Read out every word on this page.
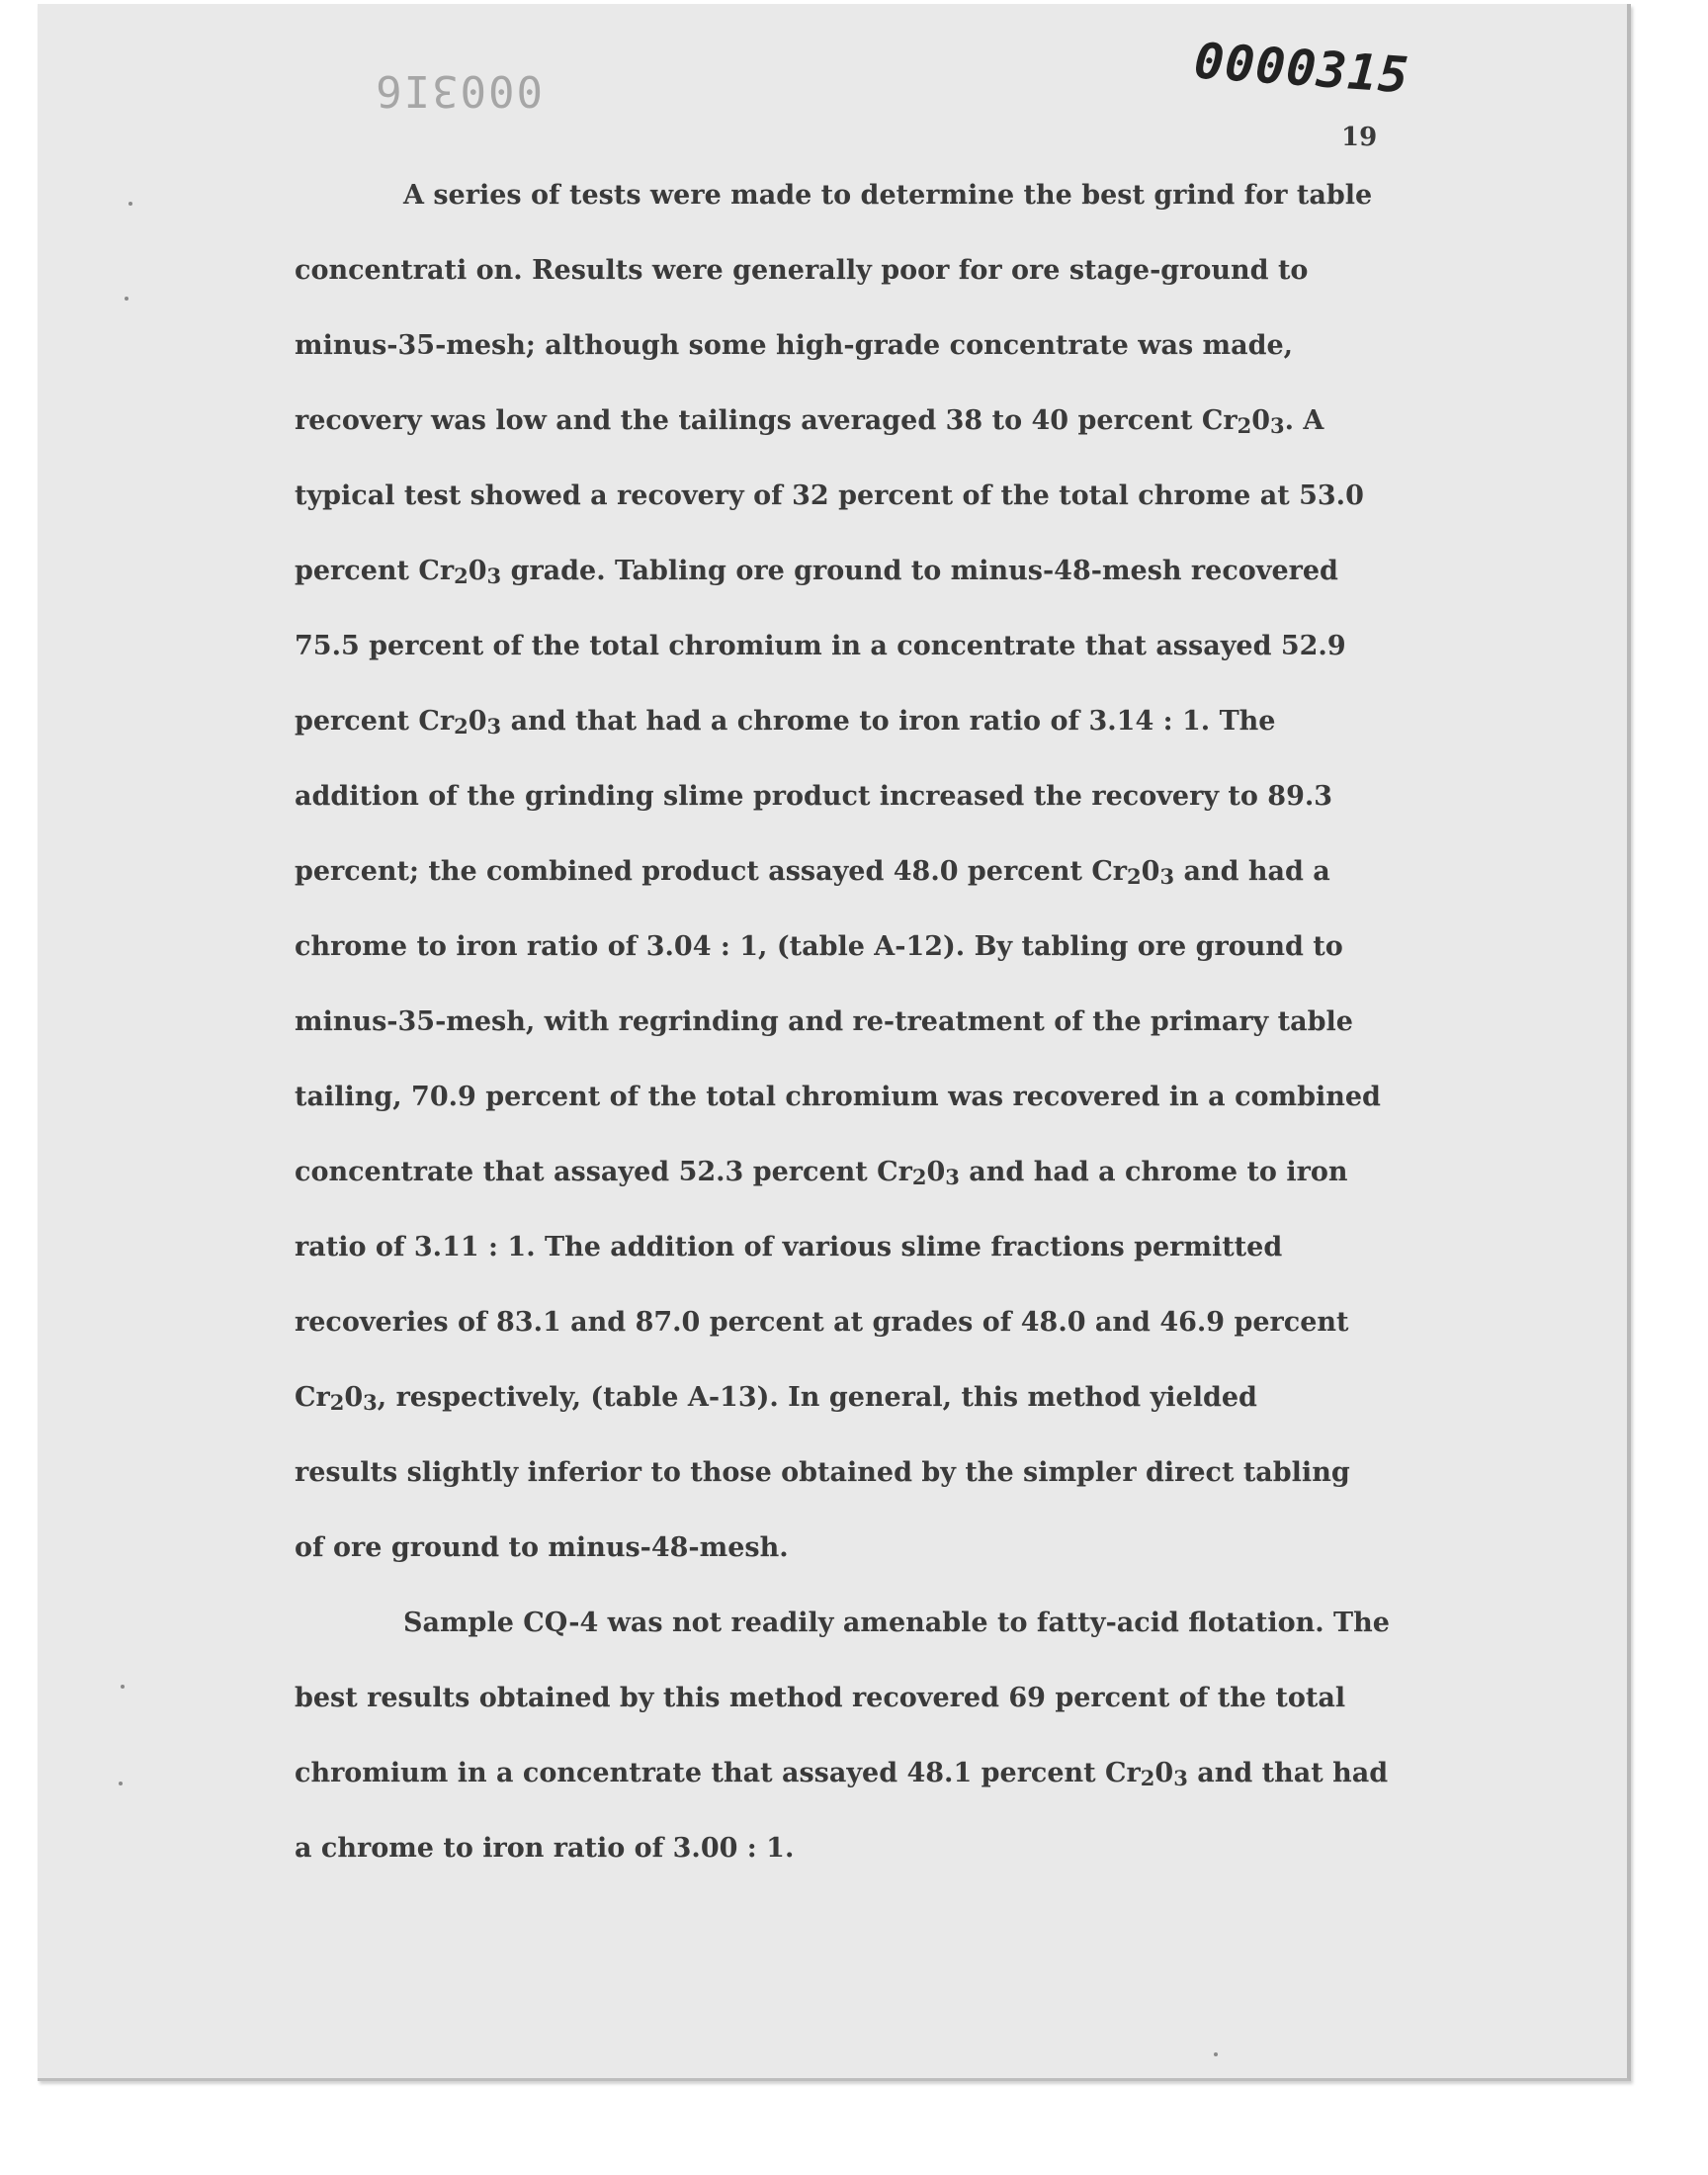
0003I6	0000315
19
A series of tests were made to determine the best grind for table
concentrati on. Results were generally poor for ore stage-ground to
minus-35-mesh; although some high-grade concentrate was made,
recovery was low and the tailings averaged 38 to 40 percent $Cr_20_3$. A
typical test showed a recovery of 32 percent of the total chrome at 53.0
percent $Cr_20_3$ grade. Tabling ore ground to minus-48-mesh recovered
75.5 percent of the total chromium in a concentrate that assayed 52.9
percent $Cr_20_3$ and that had a chrome to iron ratio of 3.14 : 1. The
addition of the grinding slime product increased the recovery to 89.3
percent; the combined product assayed 48.0 percent $Cr_20_3$ and had a
chrome to iron ratio of 3.04 : 1, (table A-12). By tabling ore ground to
minus-35-mesh, with regrinding and re-treatment of the primary table
tailing, 70.9 percent of the total chromium was recovered in a combined
concentrate that assayed 52.3 percent $Cr_20_3$ and had a chrome to iron
ratio of 3.11 : 1. The addition of various slime fractions permitted
recoveries of 83.1 and 87.0 percent at grades of 48.0 and 46.9 percent
$Cr_20_3$, respectively, (table A-13). In general, this method yielded
results slightly inferior to those obtained by the simpler direct tabling
of ore ground to minus-48-mesh.
Sample CQ-4 was not readily amenable to fatty-acid flotation. The
best results obtained by this method recovered 69 percent of the total
chromium in a concentrate that assayed 48.1 percent $Cr_20_3$ and that had
a chrome to iron ratio of 3.00 : 1.
